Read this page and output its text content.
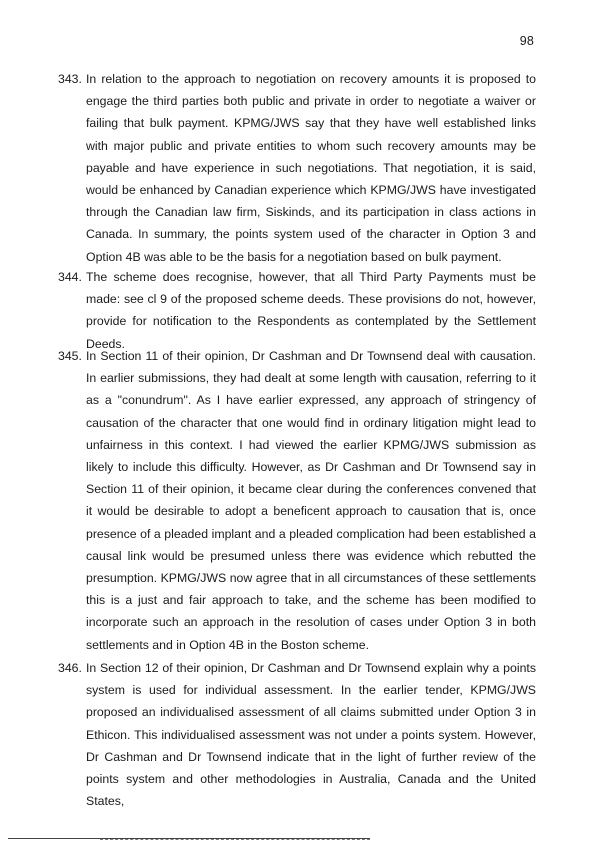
98
343. In relation to the approach to negotiation on recovery amounts it is proposed to engage the third parties both public and private in order to negotiate a waiver or failing that bulk payment. KPMG/JWS say that they have well established links with major public and private entities to whom such recovery amounts may be payable and have experience in such negotiations. That negotiation, it is said, would be enhanced by Canadian experience which KPMG/JWS have investigated through the Canadian law firm, Siskinds, and its participation in class actions in Canada. In summary, the points system used of the character in Option 3 and Option 4B was able to be the basis for a negotiation based on bulk payment.
344. The scheme does recognise, however, that all Third Party Payments must be made: see cl 9 of the proposed scheme deeds. These provisions do not, however, provide for notification to the Respondents as contemplated by the Settlement Deeds.
345. In Section 11 of their opinion, Dr Cashman and Dr Townsend deal with causation. In earlier submissions, they had dealt at some length with causation, referring to it as a "conundrum". As I have earlier expressed, any approach of stringency of causation of the character that one would find in ordinary litigation might lead to unfairness in this context. I had viewed the earlier KPMG/JWS submission as likely to include this difficulty. However, as Dr Cashman and Dr Townsend say in Section 11 of their opinion, it became clear during the conferences convened that it would be desirable to adopt a beneficent approach to causation that is, once presence of a pleaded implant and a pleaded complication had been established a causal link would be presumed unless there was evidence which rebutted the presumption. KPMG/JWS now agree that in all circumstances of these settlements this is a just and fair approach to take, and the scheme has been modified to incorporate such an approach in the resolution of cases under Option 3 in both settlements and in Option 4B in the Boston scheme.
346. In Section 12 of their opinion, Dr Cashman and Dr Townsend explain why a points system is used for individual assessment. In the earlier tender, KPMG/JWS proposed an individualised assessment of all claims submitted under Option 3 in Ethicon. This individualised assessment was not under a points system. However, Dr Cashman and Dr Townsend indicate that in the light of further review of the points system and other methodologies in Australia, Canada and the United States,
